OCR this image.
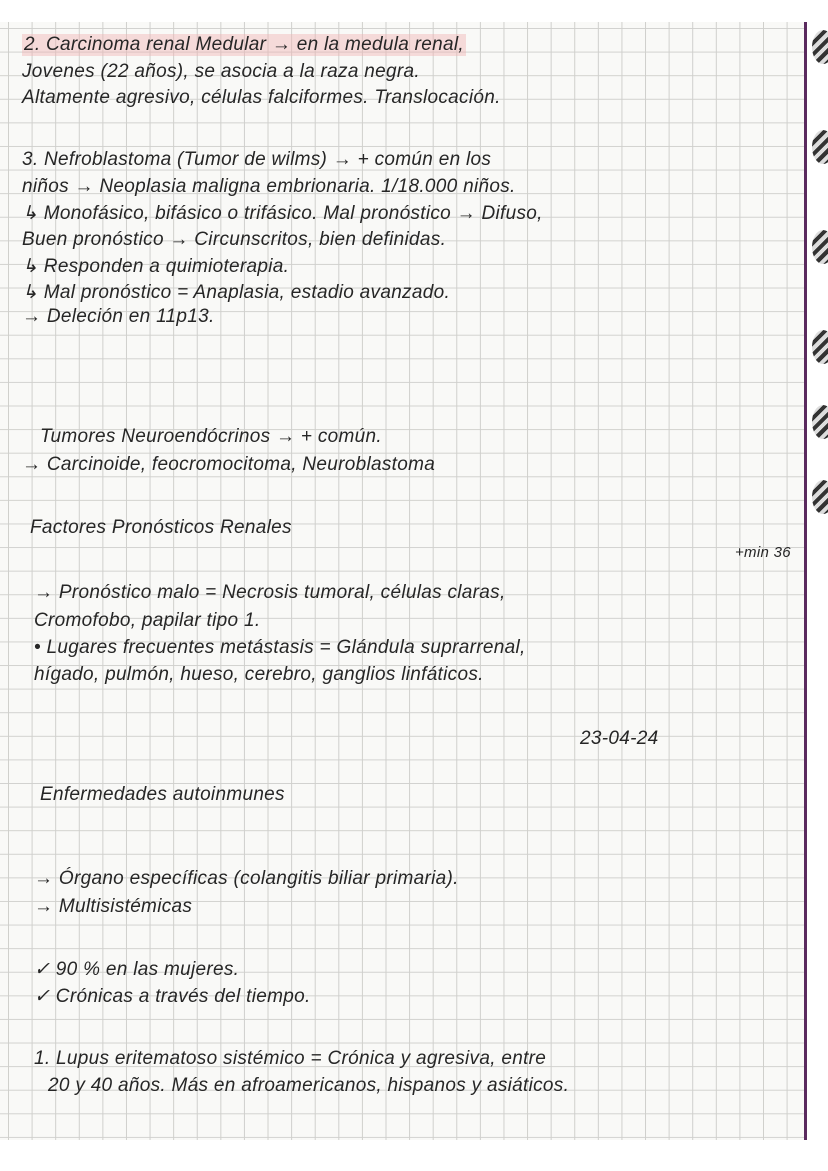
2. Carcinoma renal Medular → en la medula renal,
Jovenes (22 años), se asocia a la raza negra.
Altamente agresivo, células falciformes. Translocación.
3. Nefroblastoma (Tumor de wilms) → + común en los
niños → Neoplasia maligna embrionaria. 1/18.000 niños.
↳ Monofásico, bifásico o trifásico. Mal pronóstico → Difuso,
Buen pronóstico → Circunscritos, bien definidas.
↳ Responden a quimioterapia.
↳ Mal pronóstico = Anaplasia, estadio avanzado.
→ Deleción en 11p13.
Tumores Neuroendócrinos → + común.
→ Carcinoide, feocromocitoma, Neuroblastoma
Factores Pronósticos Renales
+min 36
→ Pronóstico malo = Necrosis tumoral, células claras,
Cromofobo, papilar tipo 1.
• Lugares frecuentes metástasis = Glándula suprarrenal,
hígado, pulmón, hueso, cerebro, ganglios linfáticos.
23-04-24
Enfermedades autoinmunes
→ Órgano específicas (colangitis biliar primaria).
→ Multisistémicas
✓ 90 % en las mujeres.
✓ Crónicas a través del tiempo.
1. Lupus eritematoso sistémico = Crónica y agresiva, entre
20 y 40 años. Más en afroamericanos, hispanos y asiáticos.
